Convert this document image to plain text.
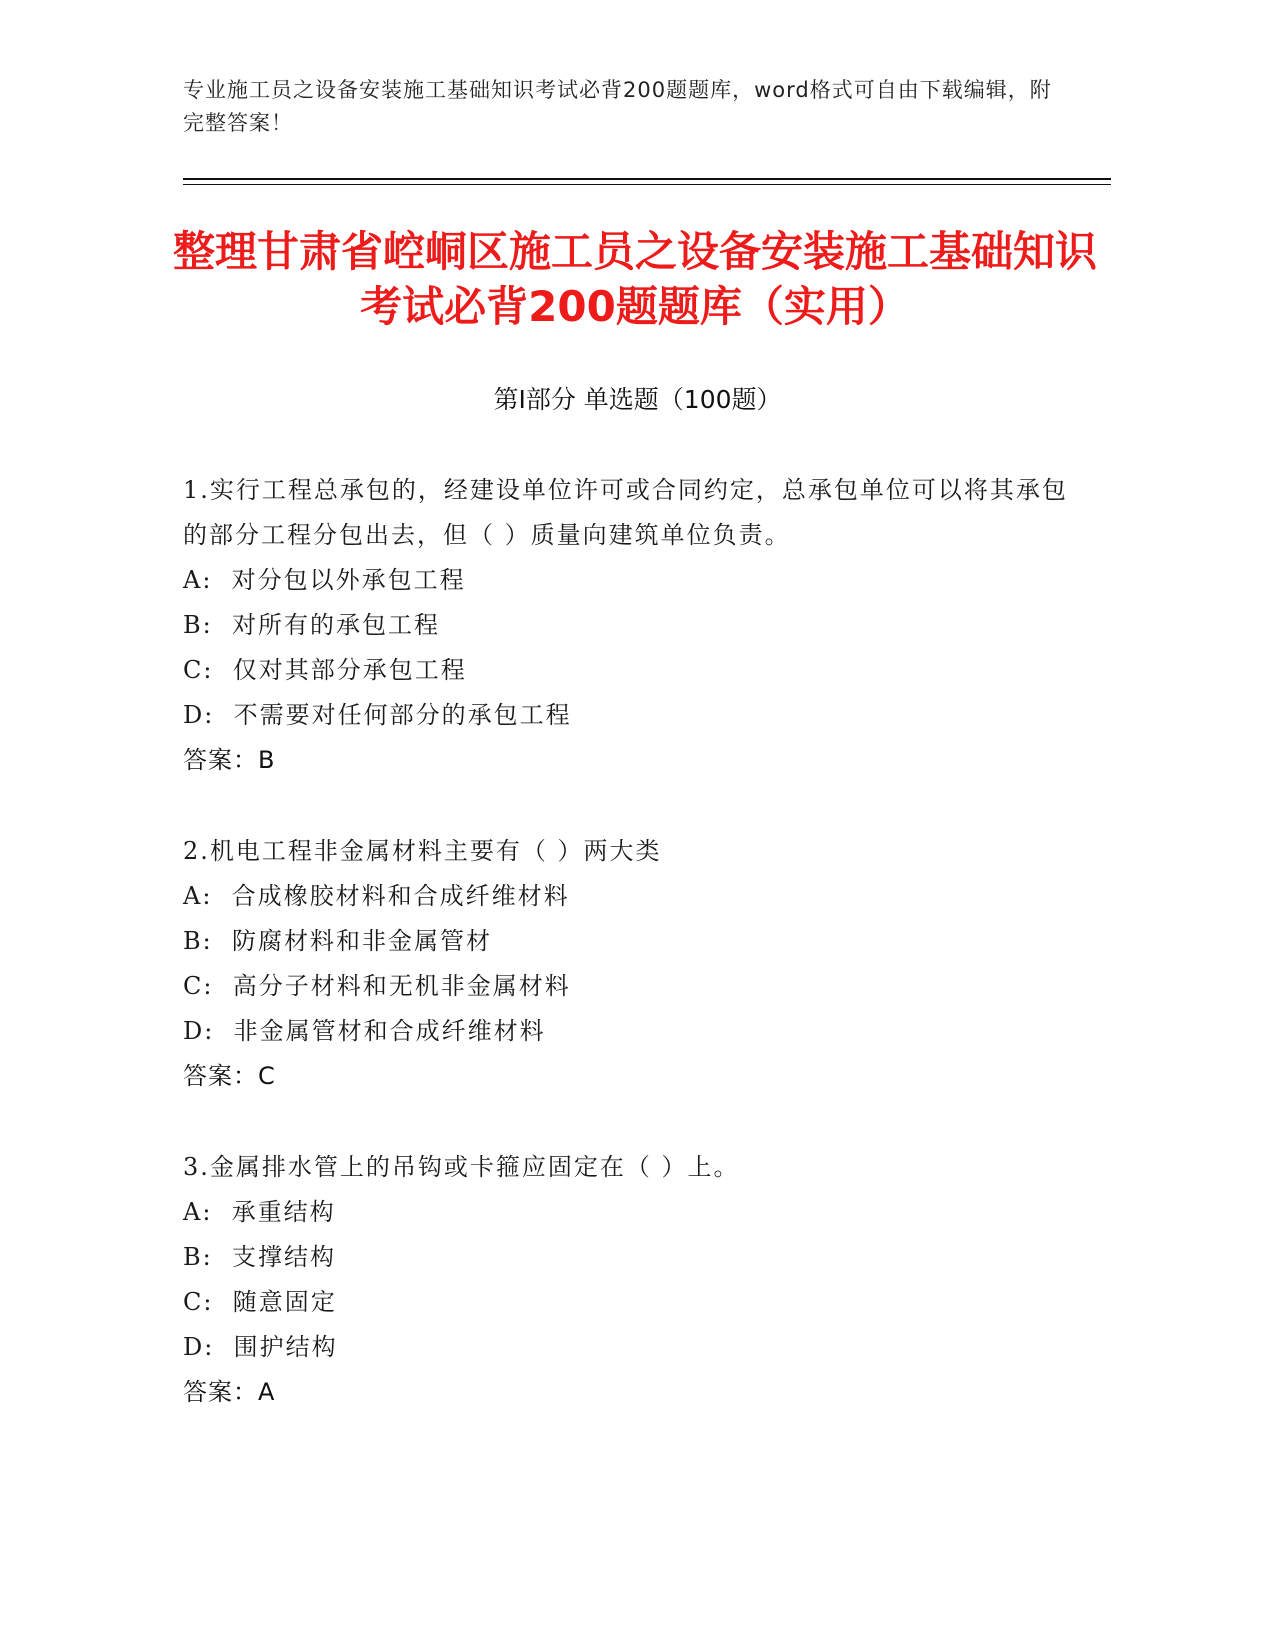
专业施工员之设备安装施工基础知识考试必背200题题库，word格式可自由下载编辑，附完整答案！
整理甘肃省崆峒区施工员之设备安装施工基础知识考试必背200题题库（实用）
第Ⅰ部分 单选题（100题）
1.实行工程总承包的，经建设单位许可或合同约定，总承包单位可以将其承包的部分工程分包出去，但（ ）质量向建筑单位负责。
A:  对分包以外承包工程
B:  对所有的承包工程
C:  仅对其部分承包工程
D:  不需要对任何部分的承包工程
答案：B
2.机电工程非金属材料主要有（ ）两大类
A:  合成橡胶材料和合成纤维材料
B:  防腐材料和非金属管材
C:  高分子材料和无机非金属材料
D:  非金属管材和合成纤维材料
答案：C
3.金属排水管上的吊钩或卡箍应固定在（ ）上。
A:  承重结构
B:  支撑结构
C:  随意固定
D:  围护结构
答案：A
